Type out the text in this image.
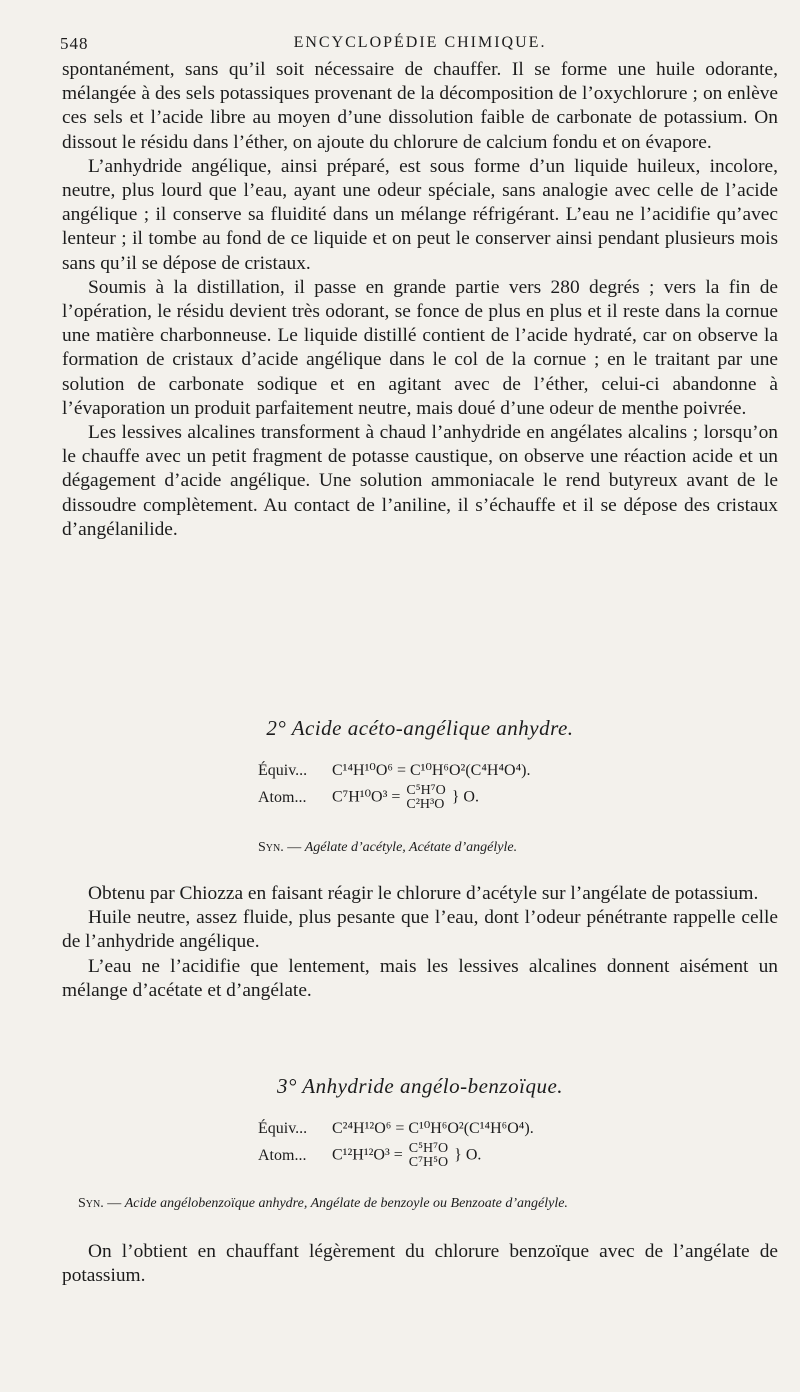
548	ENCYCLOPÉDIE CHIMIQUE.

spontanément, sans qu’il soit nécessaire de chauffer. Il se forme une huile odorante, mélangée à des sels potassiques provenant de la décomposition de l’oxychlorure ; on enlève ces sels et l’acide libre au moyen d’une dissolution faible de carbonate de potassium. On dissout le résidu dans l’éther, on ajoute du chlorure de calcium fondu et on évapore.

L’anhydride angélique, ainsi préparé, est sous forme d’un liquide huileux, incolore, neutre, plus lourd que l’eau, ayant une odeur spéciale, sans analogie avec celle de l’acide angélique ; il conserve sa fluidité dans un mélange réfrigérant. L’eau ne l’acidifie qu’avec lenteur ; il tombe au fond de ce liquide et on peut le conserver ainsi pendant plusieurs mois sans qu’il se dépose de cristaux.

Soumis à la distillation, il passe en grande partie vers 280 degrés ; vers la fin de l’opération, le résidu devient très odorant, se fonce de plus en plus et il reste dans la cornue une matière charbonneuse. Le liquide distillé contient de l’acide hydraté, car on observe la formation de cristaux d’acide angélique dans le col de la cornue ; en le traitant par une solution de carbonate sodique et en agitant avec de l’éther, celui-ci abandonne à l’évaporation un produit parfaitement neutre, mais doué d’une odeur de menthe poivrée.

Les lessives alcalines transforment à chaud l’anhydride en angélates alcalins ; lorsqu’on le chauffe avec un petit fragment de potasse caustique, on observe une réaction acide et un dégagement d’acide angélique. Une solution ammoniacale le rend butyreux avant de le dissoudre complètement. Au contact de l’aniline, il s’échauffe et il se dépose des cristaux d’angélanilide.

2° Acide acéto-angélique anhydre.
Équiv... C¹⁴H¹⁰O⁶ = C¹⁰H⁶O²(C⁴H⁴O⁴).
Atom... C⁷H¹⁰O³ = C⁵H⁷O
C²H³O } O.
Syn. — Agélate d’acétyle, Acétate d’angélyle.

Obtenu par Chiozza en faisant réagir le chlorure d’acétyle sur l’angélate de potassium.

Huile neutre, assez fluide, plus pesante que l’eau, dont l’odeur pénétrante rappelle celle de l’anhydride angélique.

L’eau ne l’acidifie que lentement, mais les lessives alcalines donnent aisément un mélange d’acétate et d’angélate.

3° Anhydride angélo-benzoïque.
Équiv... C²⁴H¹²O⁶ = C¹⁰H⁶O²(C¹⁴H⁶O⁴).
Atom... C¹²H¹²O³ = C⁵H⁷O
C⁷H⁵O } O.
Syn. — Acide angélobenzoïque anhydre, Angélate de benzoyle ou Benzoate d’angélyle.

On l’obtient en chauffant légèrement du chlorure benzoïque avec de l’angélate de potassium.
